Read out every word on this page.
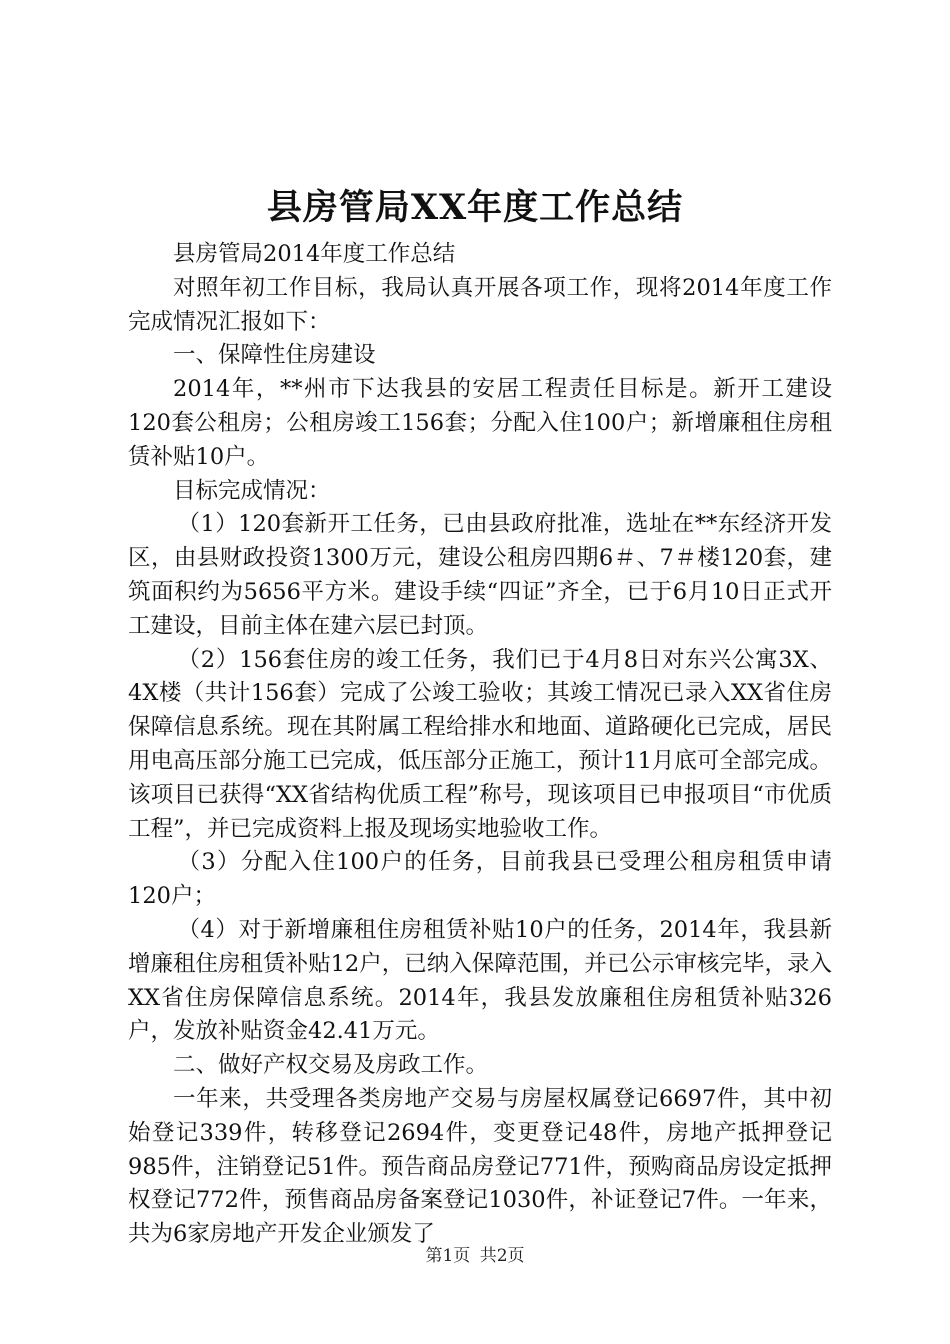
县房管局XX年度工作总结

县房管局2014年度工作总结

对照年初工作目标，我局认真开展各项工作，现将2014年度工作完成情况汇报如下：

一、保障性住房建设

2014年，**州市下达我县的安居工程责任目标是。新开工建设120套公租房；公租房竣工156套；分配入住100户；新增廉租住房租赁补贴10户。

目标完成情况：

（1）120套新开工任务，已由县政府批准，选址在**东经济开发区，由县财政投资1300万元，建设公租房四期6＃、7＃楼120套，建筑面积约为5656平方米。建设手续“四证”齐全，已于6月10日正式开工建设，目前主体在建六层已封顶。

（2）156套住房的竣工任务，我们已于4月8日对东兴公寓3X、4X楼（共计156套）完成了公竣工验收；其竣工情况已录入XX省住房保障信息系统。现在其附属工程给排水和地面、道路硬化已完成，居民用电高压部分施工已完成，低压部分正施工，预计11月底可全部完成。该项目已获得“XX省结构优质工程”称号，现该项目已申报项目“市优质工程”，并已完成资料上报及现场实地验收工作。

（3）分配入住100户的任务，目前我县已受理公租房租赁申请120户；

（4）对于新增廉租住房租赁补贴10户的任务，2014年，我县新增廉租住房租赁补贴12户，已纳入保障范围，并已公示审核完毕，录入XX省住房保障信息系统。2014年，我县发放廉租住房租赁补贴326户，发放补贴资金42.41万元。

二、做好产权交易及房政工作。

一年来，共受理各类房地产交易与房屋权属登记6697件，其中初始登记339件，转移登记2694件，变更登记48件，房地产抵押登记985件，注销登记51件。预告商品房登记771件，预购商品房设定抵押权登记772件，预售商品房备案登记1030件，补证登记7件。一年来，共为6家房地产开发企业颁发了

第1页 共2页
